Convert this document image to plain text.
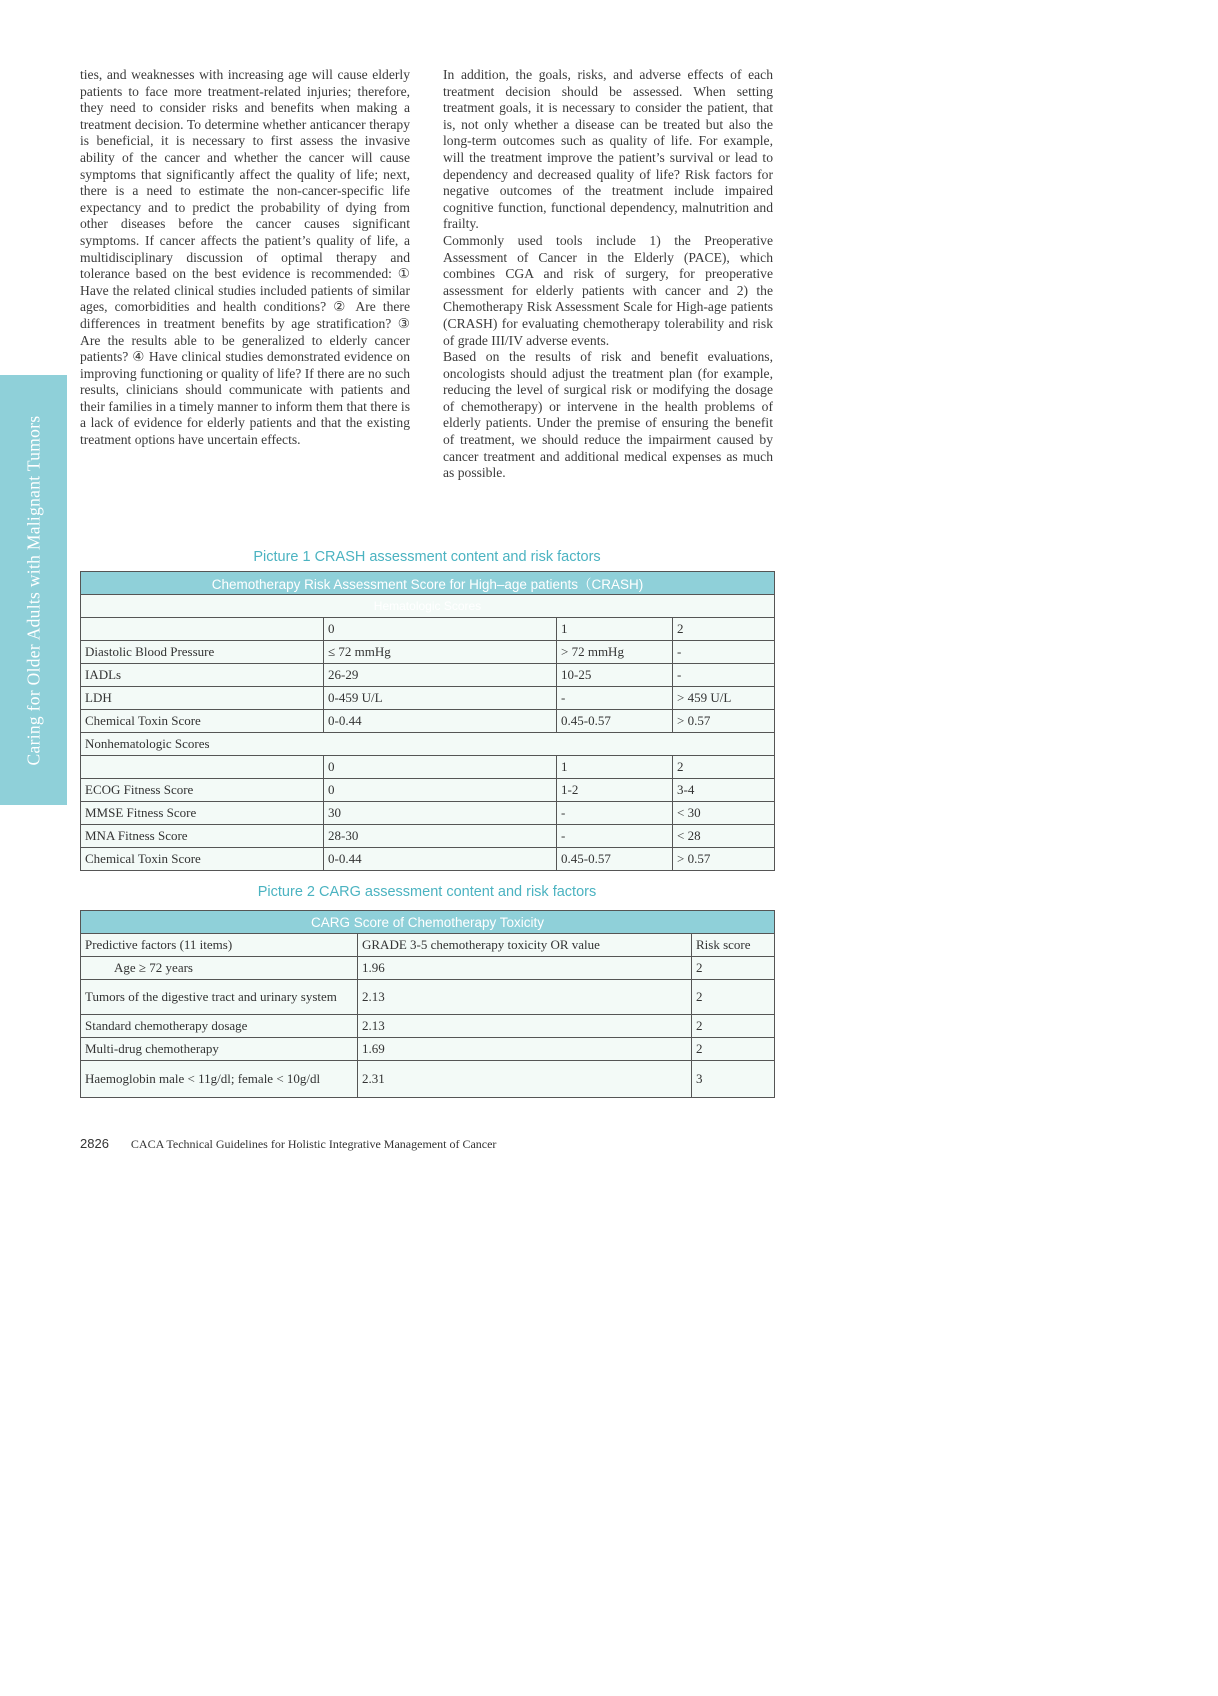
Caring for Older Adults with Malignant Tumors

ties, and weaknesses with increasing age will cause elderly patients to face more treatment-related injuries; therefore, they need to consider risks and benefits when making a treatment decision. To determine whether anticancer therapy is beneficial, it is necessary to first assess the invasive ability of the cancer and whether the cancer will cause symptoms that significantly affect the quality of life; next, there is a need to estimate the non-cancer-specific life expectancy and to predict the probability of dying from other diseases before the cancer causes significant symptoms. If cancer affects the patient’s quality of life, a multidisciplinary discussion of optimal therapy and tolerance based on the best evidence is recommended: ① Have the related clinical studies included patients of similar ages, comorbidities and health conditions? ② Are there differences in treatment benefits by age stratification? ③ Are the results able to be generalized to elderly cancer patients? ④ Have clinical studies demonstrated evidence on improving functioning or quality of life? If there are no such results, clinicians should communicate with patients and their families in a timely manner to inform them that there is a lack of evidence for elderly patients and that the existing treatment options have uncertain effects.

In addition, the goals, risks, and adverse effects of each treatment decision should be assessed. When setting treatment goals, it is necessary to consider the patient, that is, not only whether a disease can be treated but also the long-term outcomes such as quality of life. For example, will the treatment improve the patient’s survival or lead to dependency and decreased quality of life? Risk factors for negative outcomes of the treatment include impaired cognitive function, functional dependency, malnutrition and frailty.

Commonly used tools include 1) the Preoperative Assessment of Cancer in the Elderly (PACE), which combines CGA and risk of surgery, for preoperative assessment for elderly patients with cancer and 2) the Chemotherapy Risk Assessment Scale for High-age patients (CRASH) for evaluating chemotherapy tolerability and risk of grade III/IV adverse events.

Based on the results of risk and benefit evaluations, oncologists should adjust the treatment plan (for example, reducing the level of surgical risk or modifying the dosage of chemotherapy) or intervene in the health problems of elderly patients. Under the premise of ensuring the benefit of treatment, we should reduce the impairment caused by cancer treatment and additional medical expenses as much as possible.

Picture 1 CRASH assessment content and risk factors
Chemotherapy Risk Assessment Score for High–age patients（CRASH)			
Hematologic Scores			
	0	1	2
Diastolic Blood Pressure	≤ 72 mmHg	> 72 mmHg	-
IADLs	26-29	10-25	-
LDH	0-459 U/L	-	> 459 U/L
Chemical Toxin Score	0-0.44	0.45-0.57	> 0.57
Nonhematologic Scores			
	0	1	2
ECOG Fitness Score	0	1-2	3-4
MMSE Fitness Score	30	-	< 30
MNA Fitness Score	28-30	-	< 28
Chemical Toxin Score	0-0.44	0.45-0.57	> 0.57
Picture 2 CARG assessment content and risk factors
CARG Score of Chemotherapy Toxicity		
Predictive factors (11 items)	GRADE 3-5 chemotherapy toxicity OR value	Risk score
Age ≥ 72 years	1.96	2
Tumors of the digestive tract and urinary system	2.13	2
Standard chemotherapy dosage	2.13	2
Multi-drug chemotherapy	1.69	2
Haemoglobin male < 11g/dl; female < 10g/dl	2.31	3
2826 CACA Technical Guidelines for Holistic Integrative Management of Cancer
